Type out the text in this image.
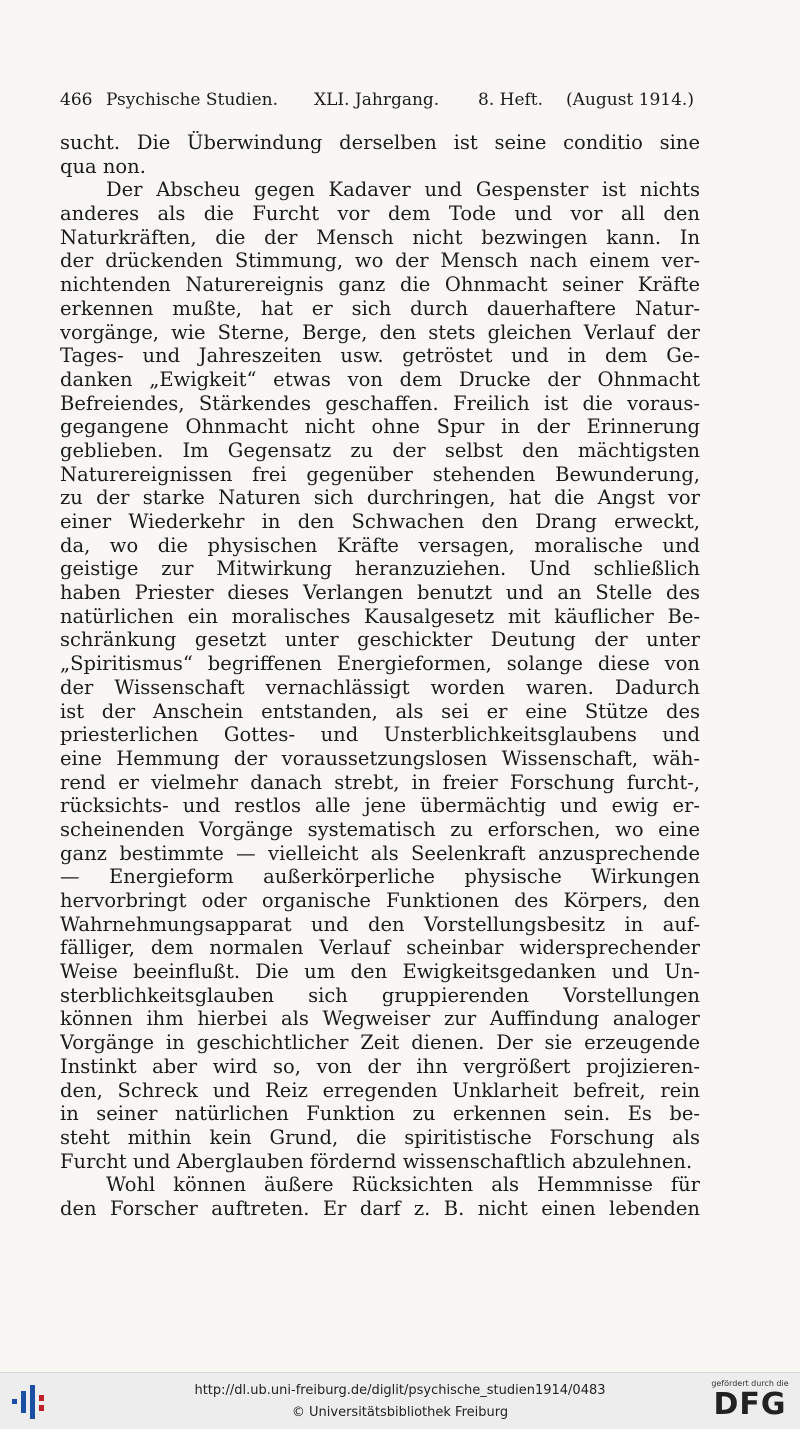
466 Psychische Studien. XLI. Jahrgang. 8. Heft. (August 1914.)
sucht. Die Überwindung derselben ist seine conditio sine
qua non.
Der Abscheu gegen Kadaver und Gespenster ist nichts
anderes als die Furcht vor dem Tode und vor all den
Naturkräften, die der Mensch nicht bezwingen kann. In
der drückenden Stimmung, wo der Mensch nach einem ver-
nichtenden Naturereignis ganz die Ohnmacht seiner Kräfte
erkennen mußte, hat er sich durch dauerhaftere Natur-
vorgänge, wie Sterne, Berge, den stets gleichen Verlauf der
Tages- und Jahreszeiten usw. getröstet und in dem Ge-
danken „Ewigkeit“ etwas von dem Drucke der Ohnmacht
Befreiendes, Stärkendes geschaffen. Freilich ist die voraus-
gegangene Ohnmacht nicht ohne Spur in der Erinnerung
geblieben. Im Gegensatz zu der selbst den mächtigsten
Naturereignissen frei gegenüber stehenden Bewunderung,
zu der starke Naturen sich durchringen, hat die Angst vor
einer Wiederkehr in den Schwachen den Drang erweckt,
da, wo die physischen Kräfte versagen, moralische und
geistige zur Mitwirkung heranzuziehen. Und schließlich
haben Priester dieses Verlangen benutzt und an Stelle des
natürlichen ein moralisches Kausalgesetz mit käuflicher Be-
schränkung gesetzt unter geschickter Deutung der unter
„Spiritismus“ begriffenen Energieformen, solange diese von
der Wissenschaft vernachlässigt worden waren. Dadurch
ist der Anschein entstanden, als sei er eine Stütze des
priesterlichen Gottes- und Unsterblichkeitsglaubens und
eine Hemmung der voraussetzungslosen Wissenschaft, wäh-
rend er vielmehr danach strebt, in freier Forschung furcht-,
rücksichts- und restlos alle jene übermächtig und ewig er-
scheinenden Vorgänge systematisch zu erforschen, wo eine
ganz bestimmte — vielleicht als Seelenkraft anzusprechende
— Energieform außerkörperliche physische Wirkungen
hervorbringt oder organische Funktionen des Körpers, den
Wahrnehmungsapparat und den Vorstellungsbesitz in auf-
fälliger, dem normalen Verlauf scheinbar widersprechender
Weise beeinflußt. Die um den Ewigkeitsgedanken und Un-
sterblichkeitsglauben sich gruppierenden Vorstellungen
können ihm hierbei als Wegweiser zur Auffindung analoger
Vorgänge in geschichtlicher Zeit dienen. Der sie erzeugende
Instinkt aber wird so, von der ihn vergrößert projizieren-
den, Schreck und Reiz erregenden Unklarheit befreit, rein
in seiner natürlichen Funktion zu erkennen sein. Es be-
steht mithin kein Grund, die spiritistische Forschung als
Furcht und Aberglauben fördernd wissenschaftlich abzulehnen.
Wohl können äußere Rücksichten als Hemmnisse für
den Forscher auftreten. Er darf z. B. nicht einen lebenden
http://dl.ub.uni-freiburg.de/diglit/psychische_studien1914/0483
© Universitätsbibliothek Freiburg
gefördert durch die
DFG
